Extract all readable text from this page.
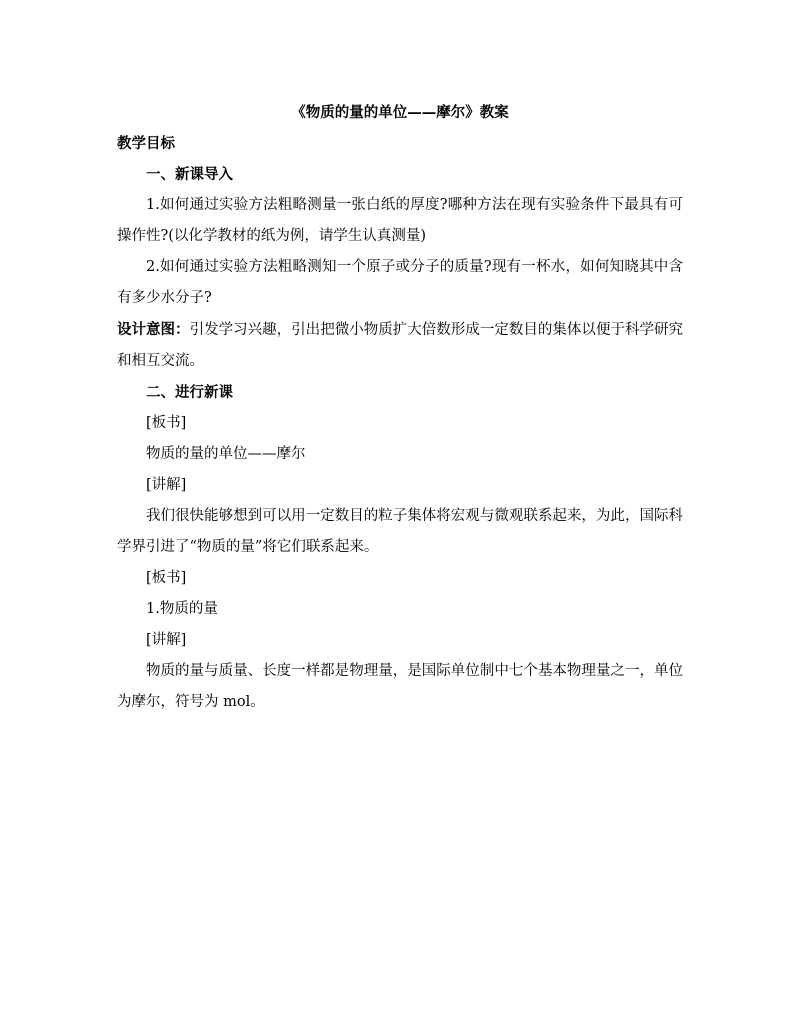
《物质的量的单位——摩尔》教案
教学目标
一、新课导入

1.如何通过实验方法粗略测量一张白纸的厚度?哪种方法在现有实验条件下最具有可操作性?(以化学教材的纸为例，请学生认真测量)

2.如何通过实验方法粗略测知一个原子或分子的质量?现有一杯水，如何知晓其中含有多少水分子?

设计意图：引发学习兴趣，引出把微小物质扩大倍数形成一定数目的集体以便于科学研究和相互交流。

二、进行新课
[板书]
物质的量的单位——摩尔
[讲解]

我们很快能够想到可以用一定数目的粒子集体将宏观与微观联系起来，为此，国际科学界引进了“物质的量”将它们联系起来。

[板书]
1.物质的量
[讲解]

物质的量与质量、长度一样都是物理量，是国际单位制中七个基本物理量之一，单位为摩尔，符号为 mol。
